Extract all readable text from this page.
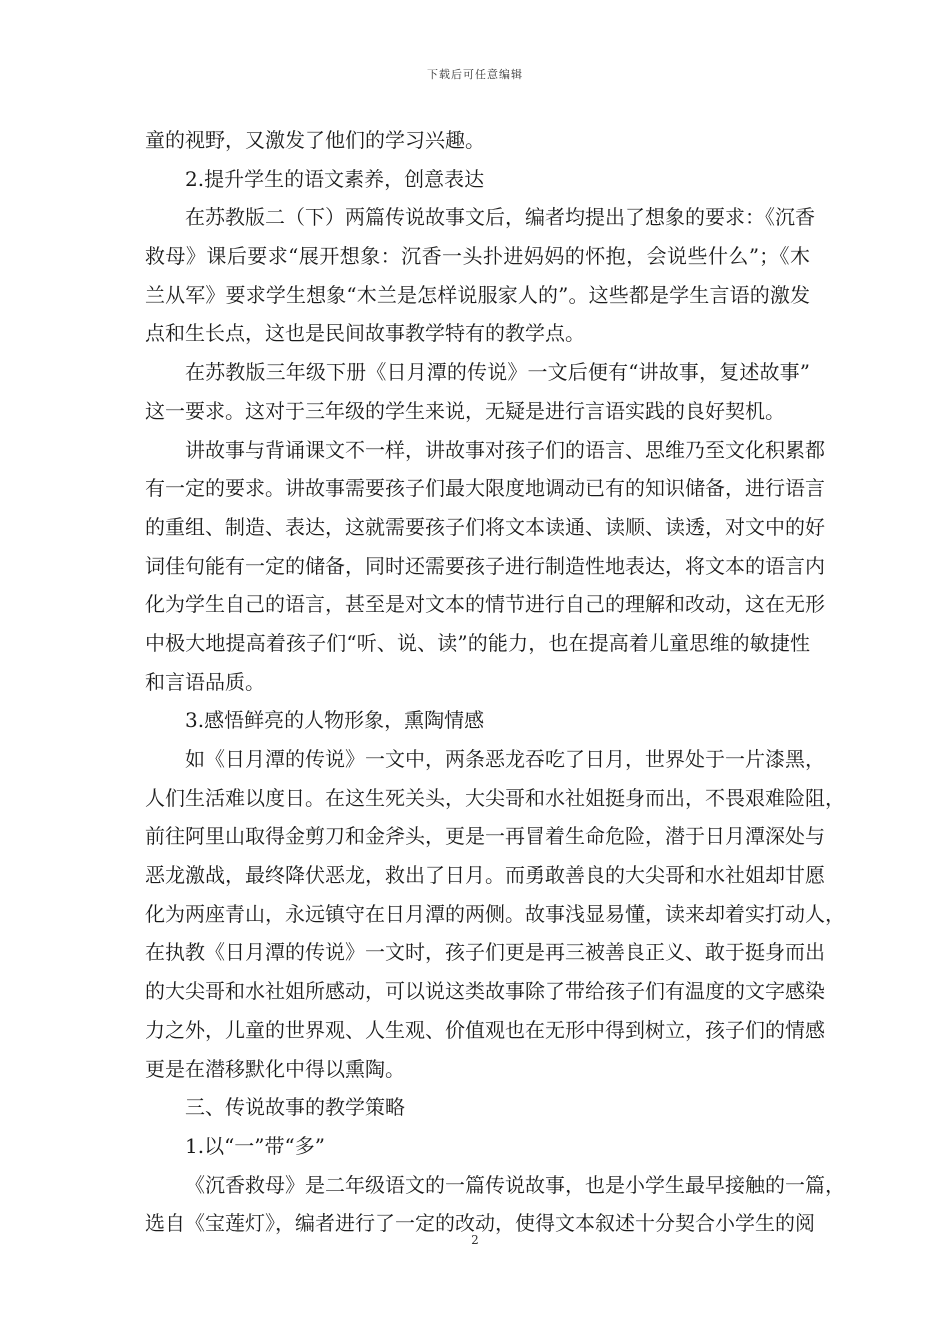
下载后可任意编辑
童的视野，又激发了他们的学习兴趣。
2.提升学生的语文素养，创意表达
在苏教版二（下）两篇传说故事文后，编者均提出了想象的要求：《沉香
救母》课后要求“展开想象：沉香一头扑进妈妈的怀抱，会说些什么”；《木
兰从军》要求学生想象“木兰是怎样说服家人的”。这些都是学生言语的激发
点和生长点，这也是民间故事教学特有的教学点。
在苏教版三年级下册《日月潭的传说》一文后便有“讲故事，复述故事”
这一要求。这对于三年级的学生来说，无疑是进行言语实践的良好契机。
讲故事与背诵课文不一样，讲故事对孩子们的语言、思维乃至文化积累都
有一定的要求。讲故事需要孩子们最大限度地调动已有的知识储备，进行语言
的重组、制造、表达，这就需要孩子们将文本读通、读顺、读透，对文中的好
词佳句能有一定的储备，同时还需要孩子进行制造性地表达，将文本的语言内
化为学生自己的语言，甚至是对文本的情节进行自己的理解和改动，这在无形
中极大地提高着孩子们“听、说、读”的能力，也在提高着儿童思维的敏捷性
和言语品质。
3.感悟鲜亮的人物形象，熏陶情感
如《日月潭的传说》一文中，两条恶龙吞吃了日月，世界处于一片漆黑，
人们生活难以度日。在这生死关头，大尖哥和水社姐挺身而出，不畏艰难险阻，
前往阿里山取得金剪刀和金斧头，更是一再冒着生命危险，潜于日月潭深处与
恶龙激战，最终降伏恶龙，救出了日月。而勇敢善良的大尖哥和水社姐却甘愿
化为两座青山，永远镇守在日月潭的两侧。故事浅显易懂，读来却着实打动人，
在执教《日月潭的传说》一文时，孩子们更是再三被善良正义、敢于挺身而出
的大尖哥和水社姐所感动，可以说这类故事除了带给孩子们有温度的文字感染
力之外，儿童的世界观、人生观、价值观也在无形中得到树立，孩子们的情感
更是在潜移默化中得以熏陶。
三、传说故事的教学策略
1.以“一”带“多”
《沉香救母》是二年级语文的一篇传说故事，也是小学生最早接触的一篇，
选自《宝莲灯》，编者进行了一定的改动，使得文本叙述十分契合小学生的阅
2
